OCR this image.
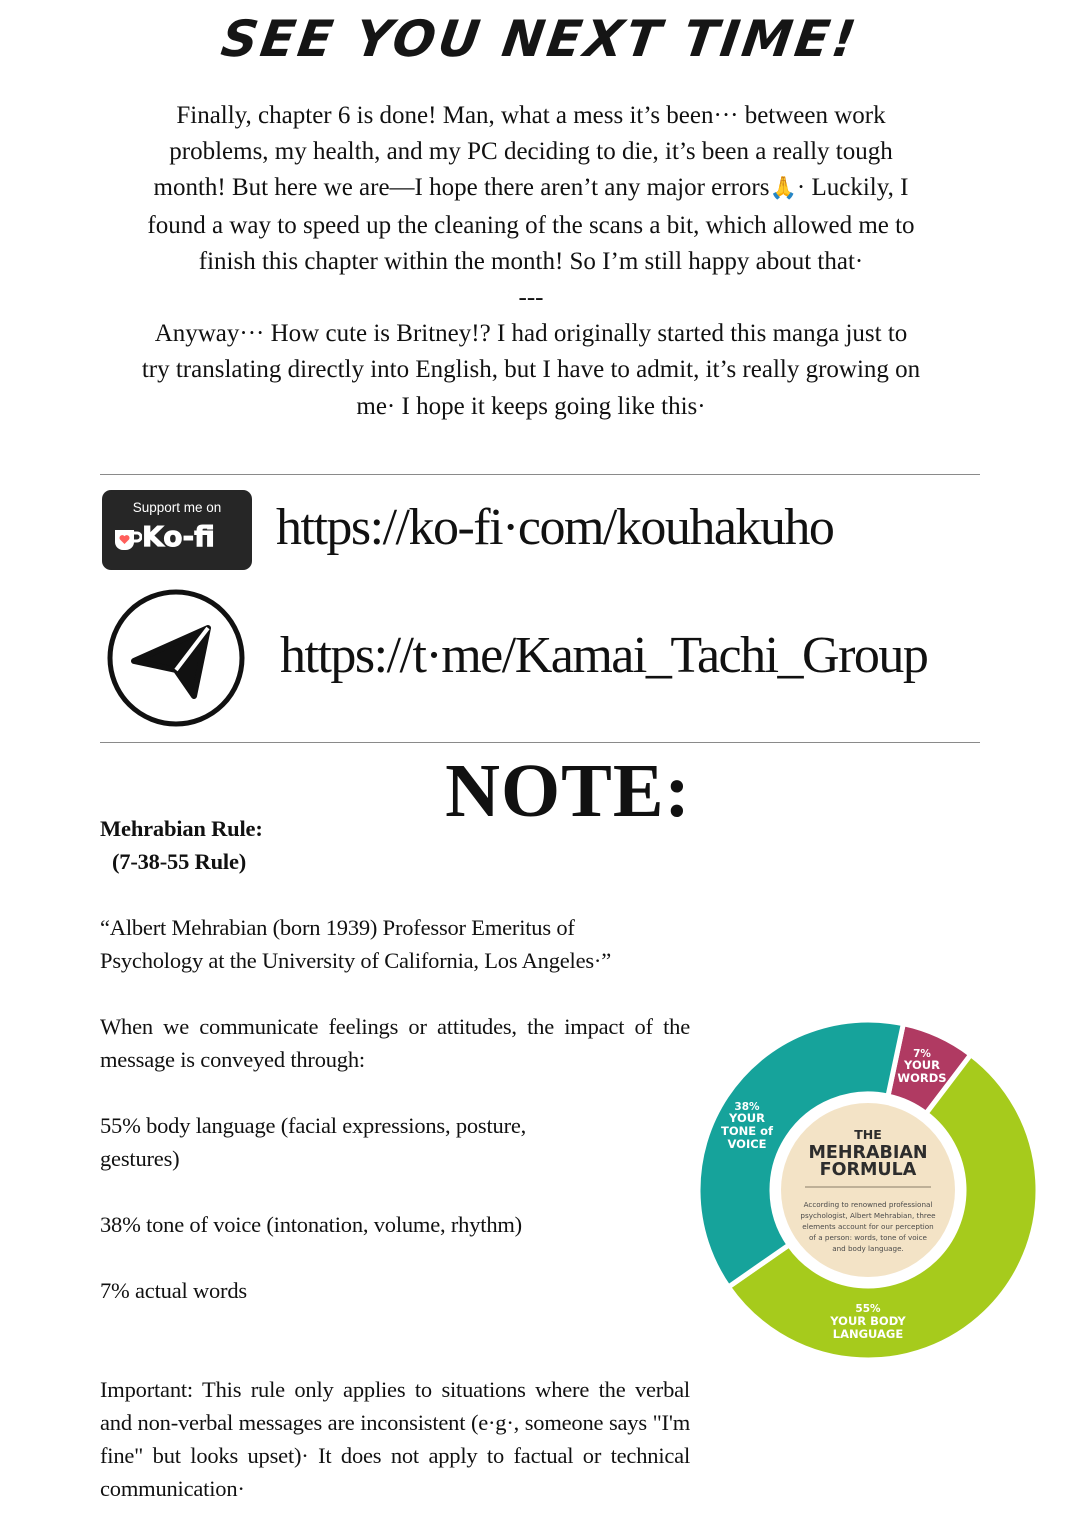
SEE YOU NEXT TIME!

Finally, chapter 6 is done! Man, what a mess it’s been··· between work problems, my health, and my PC deciding to die, it’s been a really tough month! But here we are—I hope there aren’t any major errors🙏· Luckily, I found a way to speed up the cleaning of the scans a bit, which allowed me to finish this chapter within the month! So I’m still happy about that·

---

Anyway··· How cute is Britney!? I had originally started this manga just to try translating directly into English, but I have to admit, it’s really growing on me· I hope it keeps going like this·

Support me on
Ko-fi https://ko-fi·com/kouhakuho
https://t·me/Kamai_Tachi_Group
NOTE:

Mehrabian Rule:

(7-38-55 Rule)

“Albert Mehrabian (born 1939) Professor Emeritus of Psychology at the University of California, Los Angeles·”

When we communicate feelings or attitudes, the impact of the message is conveyed through:

55% body language (facial expressions, posture, gestures)

38% tone of voice (intonation, volume, rhythm)

7% actual words

Important: This rule only applies to situations where the verbal and non-verbal messages are inconsistent (e·g·, someone says "I'm fine" but looks upset)· It does not apply to factual or technical communication·

THE
MEHRABIAN
FORMULA
According to renowned professional
psychologist, Albert Mehrabian, three
elements account for our perception
of a person: words, tone of voice
and body language.
7%
YOUR
WORDS
38%
YOUR
TONE of
VOICE
55%
YOUR BODY
LANGUAGE
